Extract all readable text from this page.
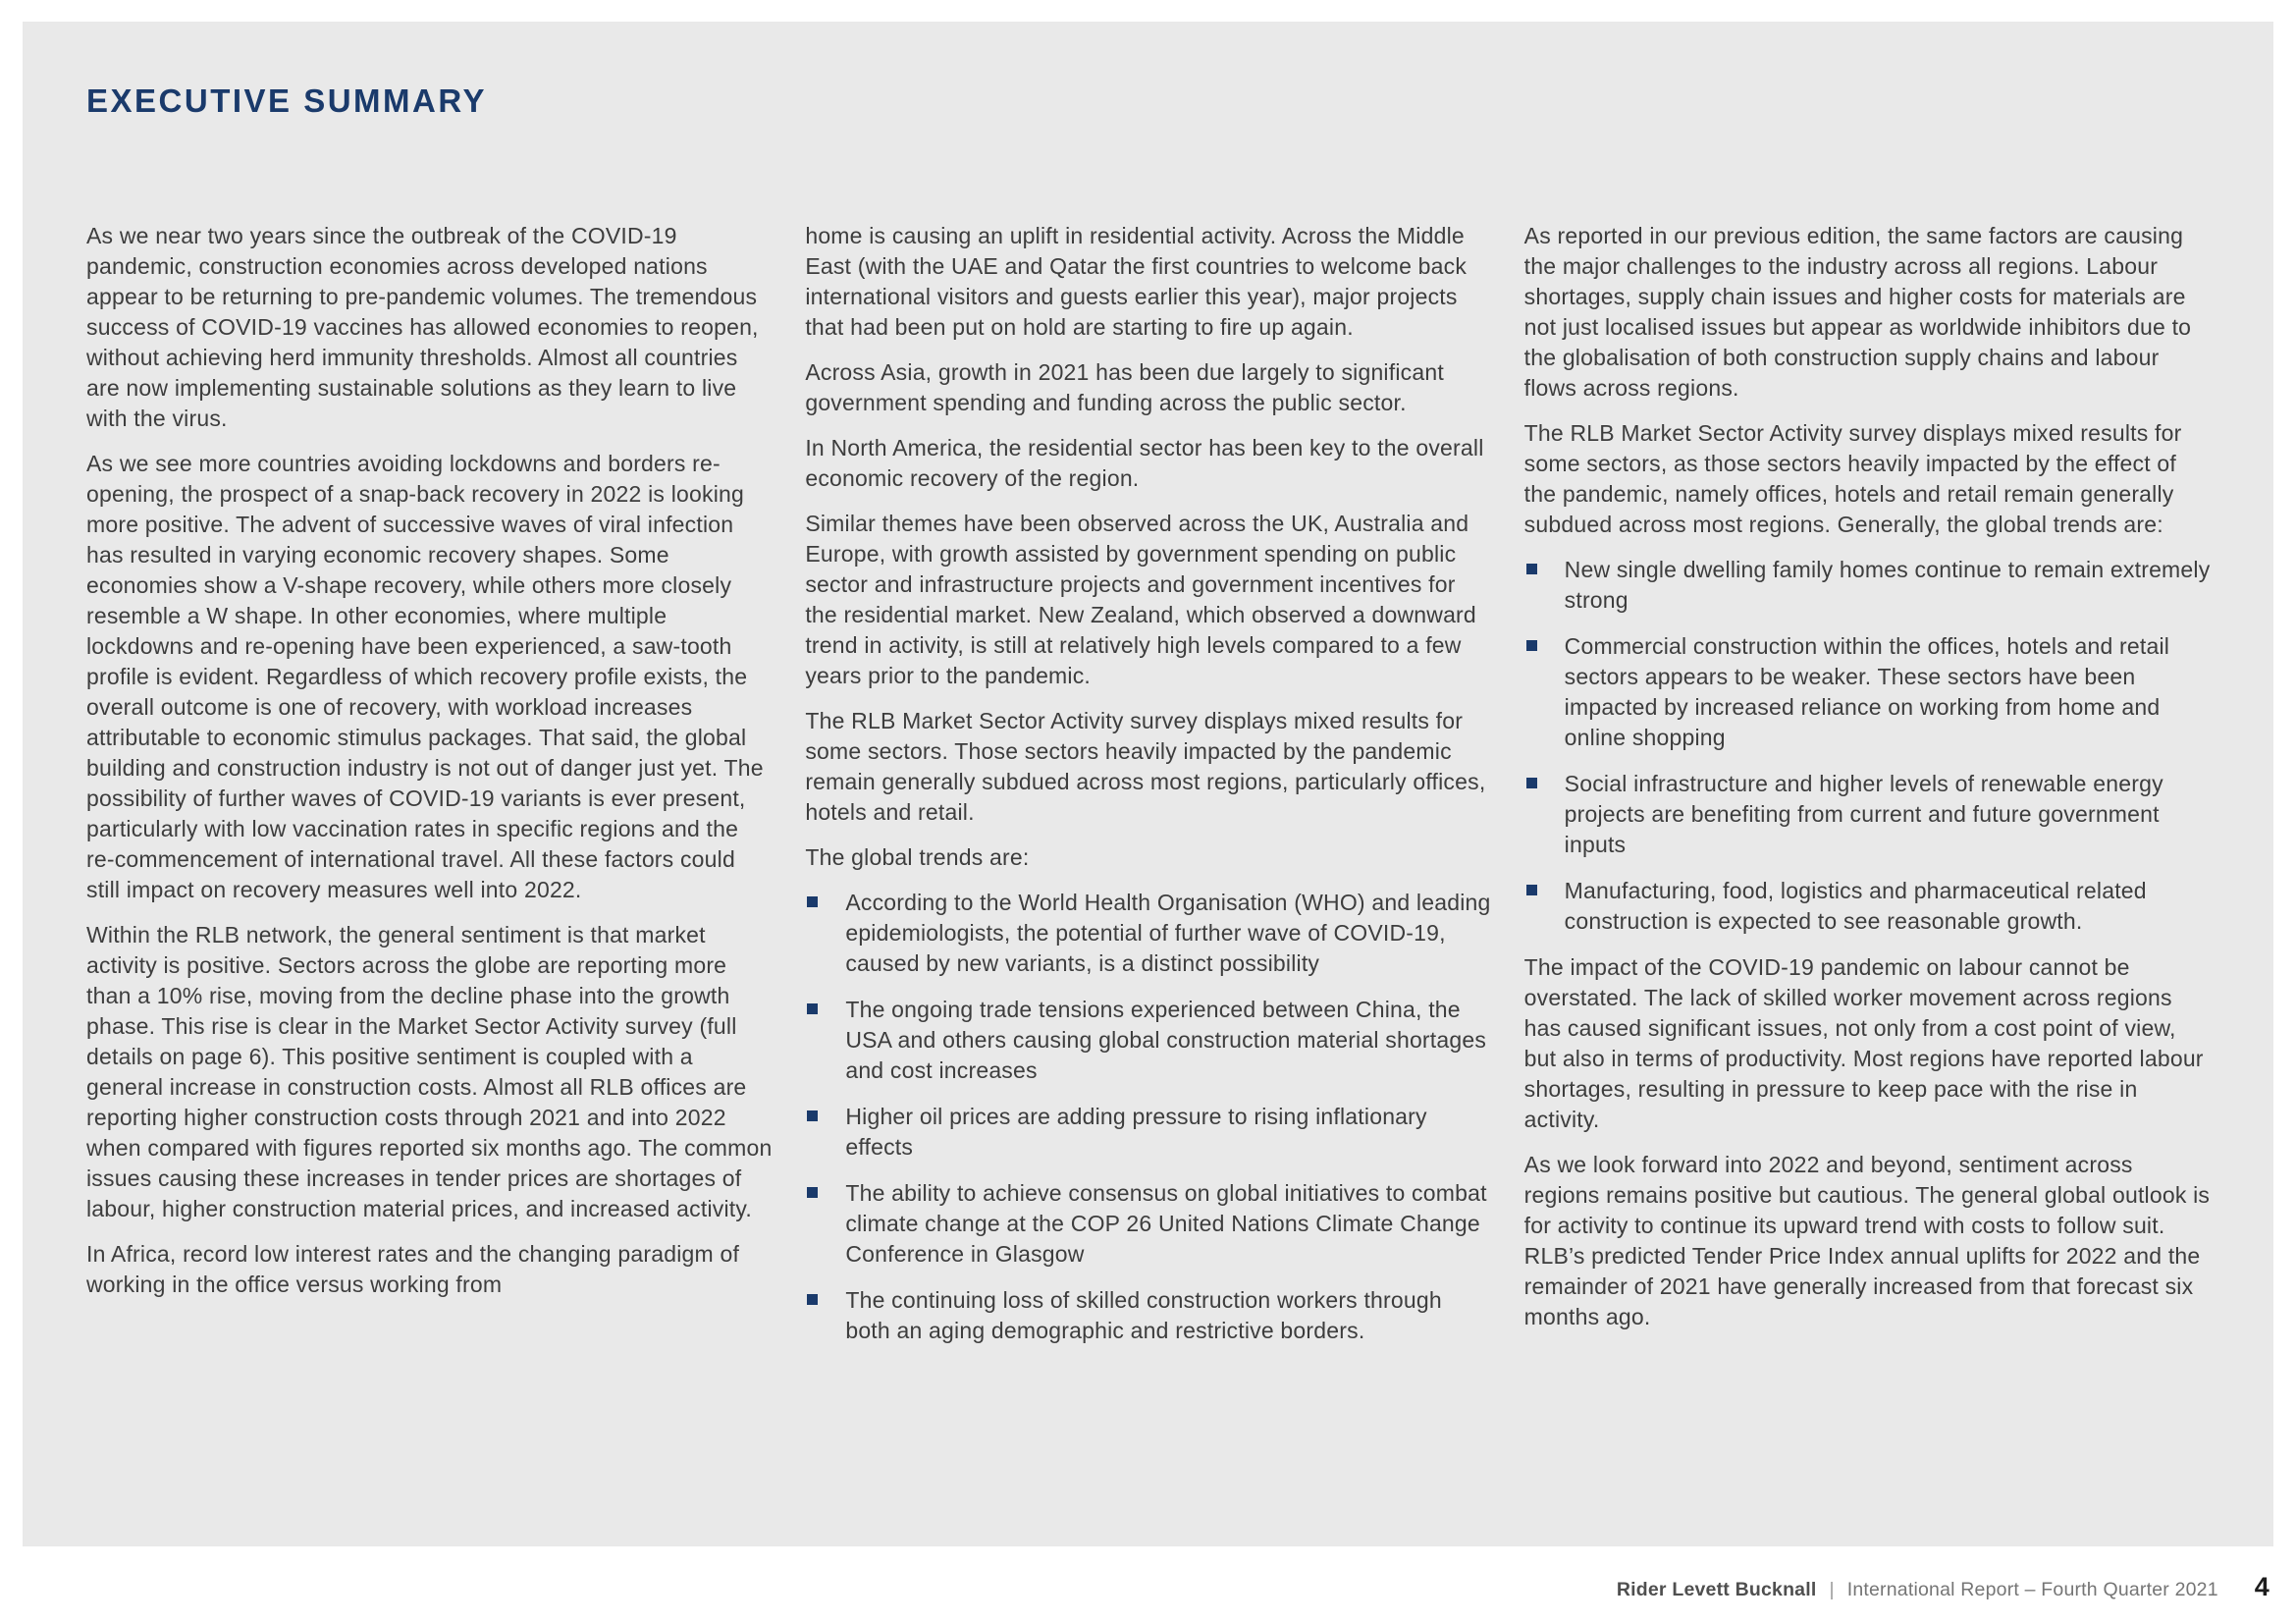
EXECUTIVE SUMMARY

As we near two years since the outbreak of the COVID-19 pandemic, construction economies across developed nations appear to be returning to pre-pandemic volumes. The tremendous success of COVID-19 vaccines has allowed economies to reopen, without achieving herd immunity thresholds. Almost all countries are now implementing sustainable solutions as they learn to live with the virus.

As we see more countries avoiding lockdowns and borders re-opening, the prospect of a snap-back recovery in 2022 is looking more positive. The advent of successive waves of viral infection has resulted in varying economic recovery shapes. Some economies show a V-shape recovery, while others more closely resemble a W shape. In other economies, where multiple lockdowns and re-opening have been experienced, a saw-tooth profile is evident. Regardless of which recovery profile exists, the overall outcome is one of recovery, with workload increases attributable to economic stimulus packages. That said, the global building and construction industry is not out of danger just yet. The possibility of further waves of COVID-19 variants is ever present, particularly with low vaccination rates in specific regions and the re-commencement of international travel. All these factors could still impact on recovery measures well into 2022.

Within the RLB network, the general sentiment is that market activity is positive. Sectors across the globe are reporting more than a 10% rise, moving from the decline phase into the growth phase. This rise is clear in the Market Sector Activity survey (full details on page 6). This positive sentiment is coupled with a general increase in construction costs. Almost all RLB offices are reporting higher construction costs through 2021 and into 2022 when compared with figures reported six months ago. The common issues causing these increases in tender prices are shortages of labour, higher construction material prices, and increased activity.

In Africa, record low interest rates and the changing paradigm of working in the office versus working from

home is causing an uplift in residential activity. Across the Middle East (with the UAE and Qatar the first countries to welcome back international visitors and guests earlier this year), major projects that had been put on hold are starting to fire up again.

Across Asia, growth in 2021 has been due largely to significant government spending and funding across the public sector.

In North America, the residential sector has been key to the overall economic recovery of the region.

Similar themes have been observed across the UK, Australia and Europe, with growth assisted by government spending on public sector and infrastructure projects and government incentives for the residential market. New Zealand, which observed a downward trend in activity, is still at relatively high levels compared to a few years prior to the pandemic.

The RLB Market Sector Activity survey displays mixed results for some sectors. Those sectors heavily impacted by the pandemic remain generally subdued across most regions, particularly offices, hotels and retail.

The global trends are:

According to the World Health Organisation (WHO) and leading epidemiologists, the potential of further wave of COVID-19, caused by new variants, is a distinct possibility
The ongoing trade tensions experienced between China, the USA and others causing global construction material shortages and cost increases
Higher oil prices are adding pressure to rising inflationary effects
The ability to achieve consensus on global initiatives to combat climate change at the COP 26 United Nations Climate Change Conference in Glasgow
The continuing loss of skilled construction workers through both an aging demographic and restrictive borders.

As reported in our previous edition, the same factors are causing the major challenges to the industry across all regions. Labour shortages, supply chain issues and higher costs for materials are not just localised issues but appear as worldwide inhibitors due to the globalisation of both construction supply chains and labour flows across regions.

The RLB Market Sector Activity survey displays mixed results for some sectors, as those sectors heavily impacted by the effect of the pandemic, namely offices, hotels and retail remain generally subdued across most regions. Generally, the global trends are:

New single dwelling family homes continue to remain extremely strong
Commercial construction within the offices, hotels and retail sectors appears to be weaker. These sectors have been impacted by increased reliance on working from home and online shopping
Social infrastructure and higher levels of renewable energy projects are benefiting from current and future government inputs
Manufacturing, food, logistics and pharmaceutical related construction is expected to see reasonable growth.

The impact of the COVID-19 pandemic on labour cannot be overstated. The lack of skilled worker movement across regions has caused significant issues, not only from a cost point of view, but also in terms of productivity. Most regions have reported labour shortages, resulting in pressure to keep pace with the rise in activity.

As we look forward into 2022 and beyond, sentiment across regions remains positive but cautious. The general global outlook is for activity to continue its upward trend with costs to follow suit. RLB’s predicted Tender Price Index annual uplifts for 2022 and the remainder of 2021 have generally increased from that forecast six months ago.

Rider Levett Bucknall | International Report – Fourth Quarter 2021 4
